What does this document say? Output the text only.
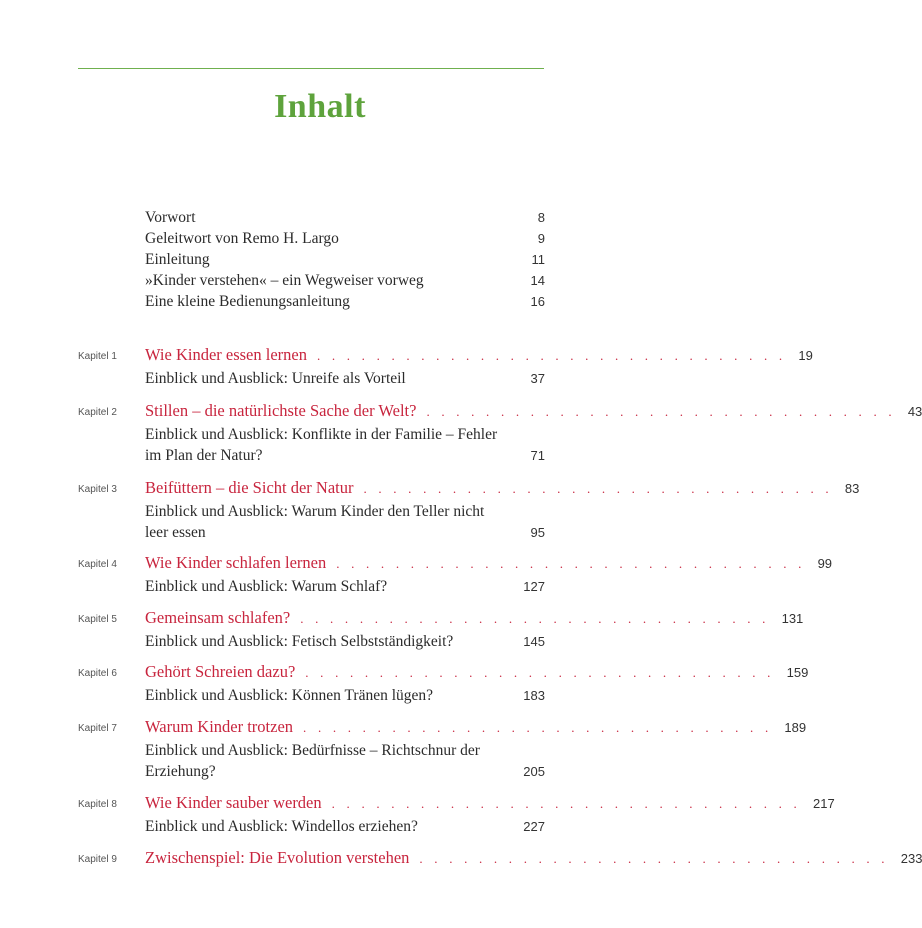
Inhalt
Vorwort	8
Geleitwort von Remo H. Largo	9
Einleitung	11
»Kinder verstehen« – ein Wegweiser vorweg	14
Eine kleine Bedienungsanleitung	16
Kapitel 1 Wie Kinder essen lernen . . . . . . . . . . . . . . . . . . . . . . . . . . . . . . . . 19
Einblick und Ausblick: Unreife als Vorteil	37
Kapitel 2 Stillen – die natürlichste Sache der Welt? . . . . . . . . . . . . . . . . . . . . . . . . . . . . . . . . 43
Einblick und Ausblick: Konflikte in der Familie – Fehler
im Plan der Natur?	71
Kapitel 3 Beifüttern – die Sicht der Natur . . . . . . . . . . . . . . . . . . . . . . . . . . . . . . . . 83
Einblick und Ausblick: Warum Kinder den Teller nicht
leer essen	95
Kapitel 4 Wie Kinder schlafen lernen . . . . . . . . . . . . . . . . . . . . . . . . . . . . . . . . 99
Einblick und Ausblick: Warum Schlaf?	127
Kapitel 5 Gemeinsam schlafen? . . . . . . . . . . . . . . . . . . . . . . . . . . . . . . . . 131
Einblick und Ausblick: Fetisch Selbstständigkeit?	145
Kapitel 6 Gehört Schreien dazu? . . . . . . . . . . . . . . . . . . . . . . . . . . . . . . . . 159
Einblick und Ausblick: Können Tränen lügen?	183
Kapitel 7 Warum Kinder trotzen . . . . . . . . . . . . . . . . . . . . . . . . . . . . . . . . 189
Einblick und Ausblick: Bedürfnisse – Richtschnur der
Erziehung?	205
Kapitel 8 Wie Kinder sauber werden . . . . . . . . . . . . . . . . . . . . . . . . . . . . . . . . 217
Einblick und Ausblick: Windellos erziehen?	227
Kapitel 9 Zwischenspiel: Die Evolution verstehen . . . . . . . . . . . . . . . . . . . . . . . . . . . . . . . . 233
